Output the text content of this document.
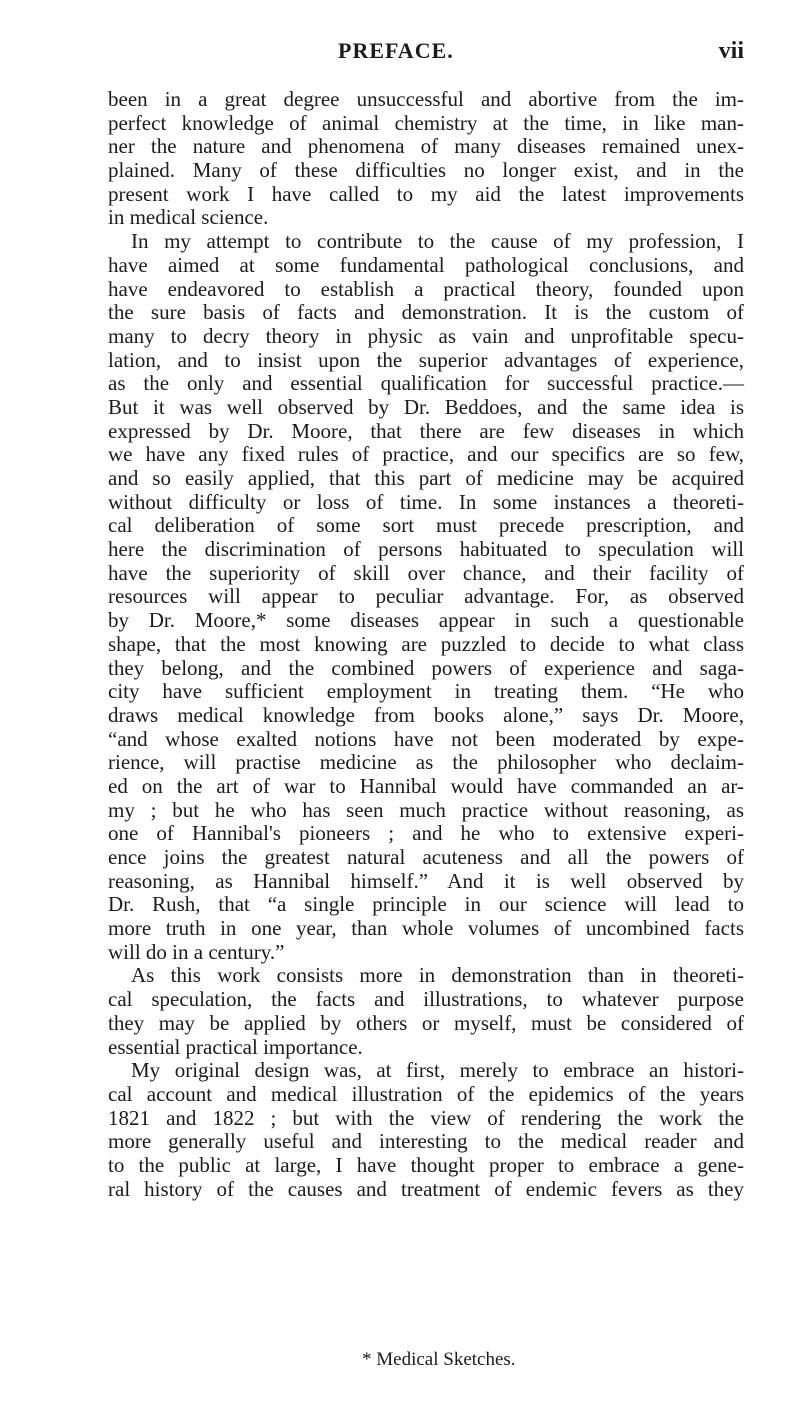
PREFACE.	vii
been in a great degree unsuccessful and abortive from the im-
perfect knowledge of animal chemistry at the time, in like man-
ner the nature and phenomena of many diseases remained unex-
plained. Many of these difficulties no longer exist, and in the
present work I have called to my aid the latest improvements
in medical science.
In my attempt to contribute to the cause of my profession, I
have aimed at some fundamental pathological conclusions, and
have endeavored to establish a practical theory, founded upon
the sure basis of facts and demonstration. It is the custom of
many to decry theory in physic as vain and unprofitable specu-
lation, and to insist upon the superior advantages of experience,
as the only and essential qualification for successful practice.—
But it was well observed by Dr. Beddoes, and the same idea is
expressed by Dr. Moore, that there are few diseases in which
we have any fixed rules of practice, and our specifics are so few,
and so easily applied, that this part of medicine may be acquired
without difficulty or loss of time. In some instances a theoreti-
cal deliberation of some sort must precede prescription, and
here the discrimination of persons habituated to speculation will
have the superiority of skill over chance, and their facility of
resources will appear to peculiar advantage. For, as observed
by Dr. Moore,* some diseases appear in such a questionable
shape, that the most knowing are puzzled to decide to what class
they belong, and the combined powers of experience and saga-
city have sufficient employment in treating them. “He who
draws medical knowledge from books alone,” says Dr. Moore,
“and whose exalted notions have not been moderated by expe-
rience, will practise medicine as the philosopher who declaim-
ed on the art of war to Hannibal would have commanded an ar-
my ; but he who has seen much practice without reasoning, as
one of Hannibal's pioneers ; and he who to extensive experi-
ence joins the greatest natural acuteness and all the powers of
reasoning, as Hannibal himself.” And it is well observed by
Dr. Rush, that “a single principle in our science will lead to
more truth in one year, than whole volumes of uncombined facts
will do in a century.”
As this work consists more in demonstration than in theoreti-
cal speculation, the facts and illustrations, to whatever purpose
they may be applied by others or myself, must be considered of
essential practical importance.
My original design was, at first, merely to embrace an histori-
cal account and medical illustration of the epidemics of the years
1821 and 1822 ; but with the view of rendering the work the
more generally useful and interesting to the medical reader and
to the public at large, I have thought proper to embrace a gene-
ral history of the causes and treatment of endemic fevers as they
* Medical Sketches.
